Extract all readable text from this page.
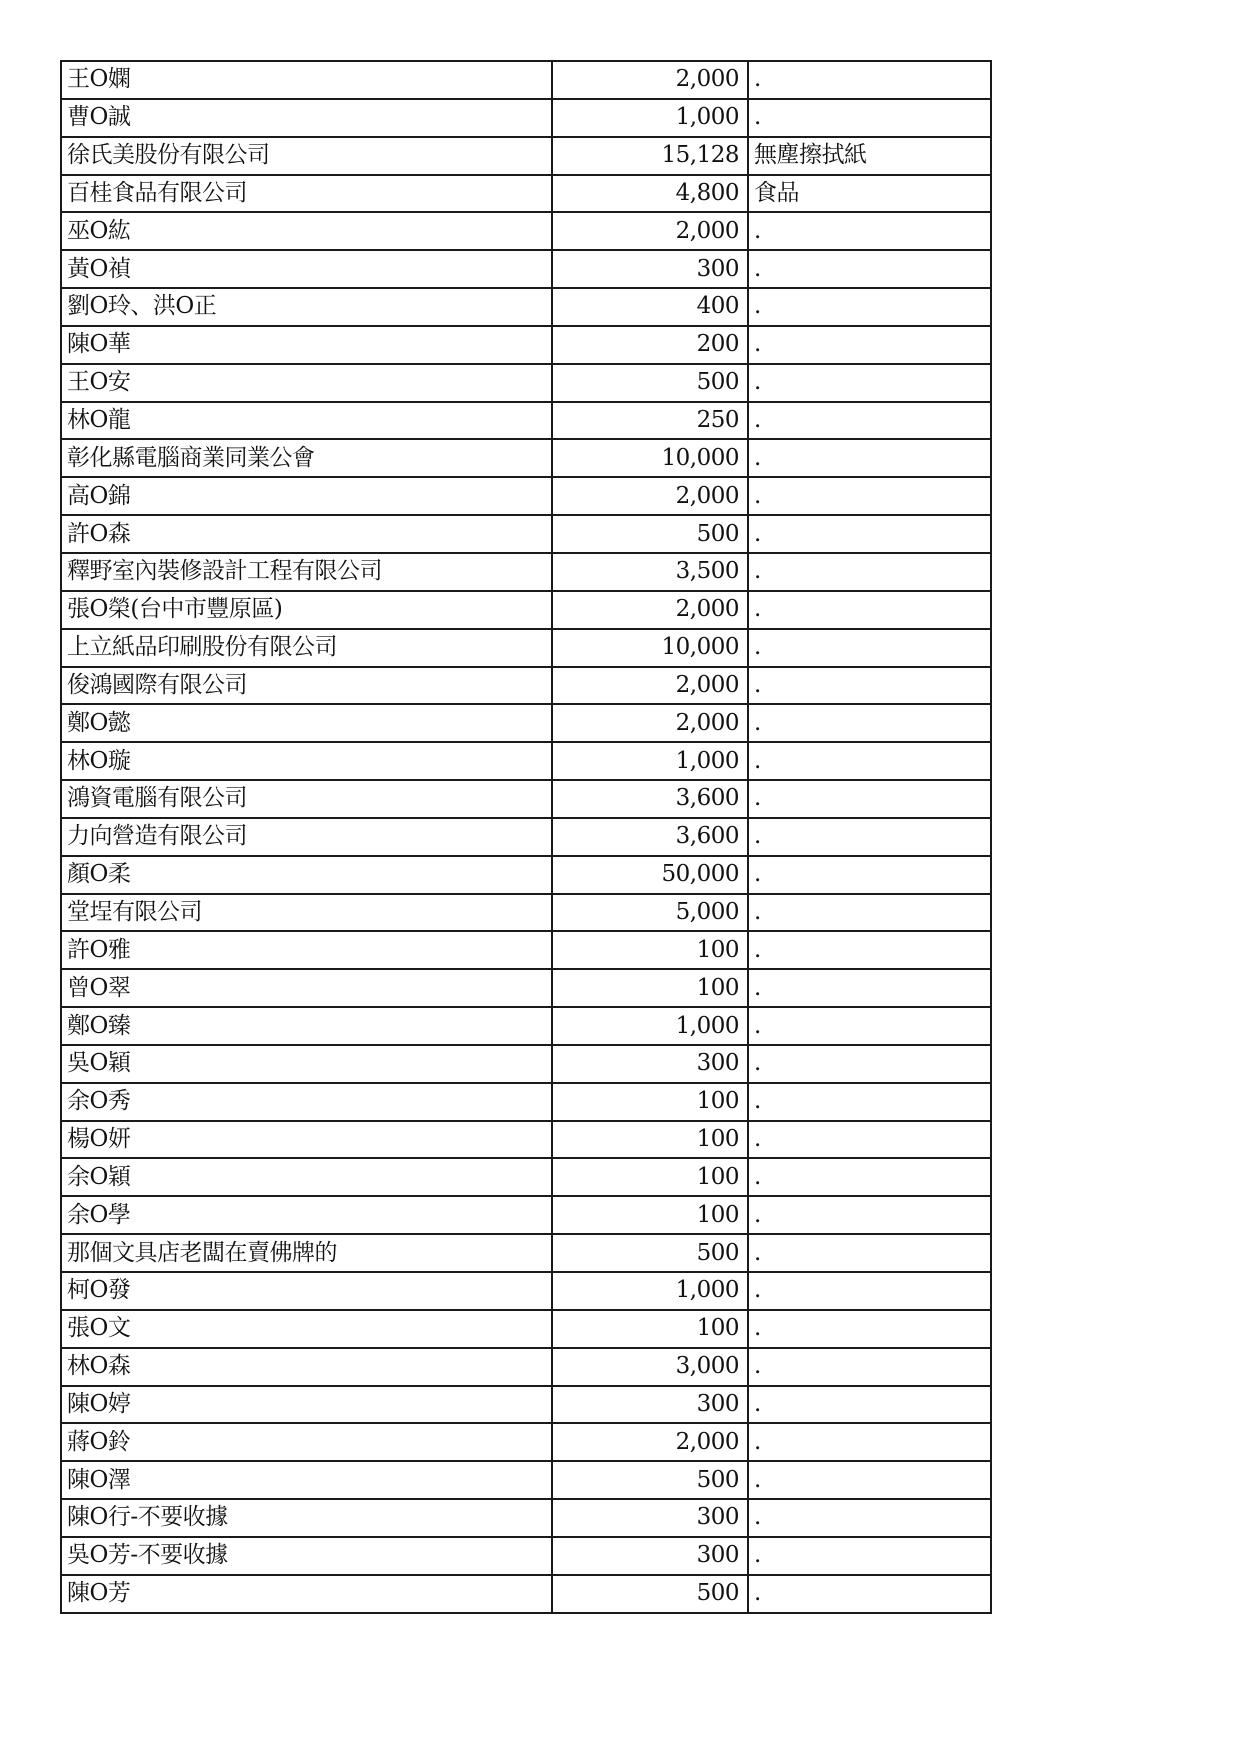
王O嫻	2,000	.
曹O誠	1,000	.
徐氏美股份有限公司	15,128	無塵擦拭紙
百桂食品有限公司	4,800	食品
巫O紘	2,000	.
黃O禎	300	.
劉O玲、洪O正	400	.
陳O華	200	.
王O安	500	.
林O龍	250	.
彰化縣電腦商業同業公會	10,000	.
高O錦	2,000	.
許O森	500	.
釋野室內裝修設計工程有限公司	3,500	.
張O榮(台中市豐原區)	2,000	.
上立紙品印刷股份有限公司	10,000	.
俊鴻國際有限公司	2,000	.
鄭O懿	2,000	.
林O璇	1,000	.
鴻資電腦有限公司	3,600	.
力向營造有限公司	3,600	.
顏O柔	50,000	.
堂埕有限公司	5,000	.
許O雅	100	.
曾O翠	100	.
鄭O臻	1,000	.
吳O穎	300	.
余O秀	100	.
楊O妍	100	.
余O穎	100	.
余O學	100	.
那個文具店老闆在賣佛牌的	500	.
柯O發	1,000	.
張O文	100	.
林O森	3,000	.
陳O婷	300	.
蔣O鈴	2,000	.
陳O澤	500	.
陳O行-不要收據	300	.
吳O芳-不要收據	300	.
陳O芳	500	.
